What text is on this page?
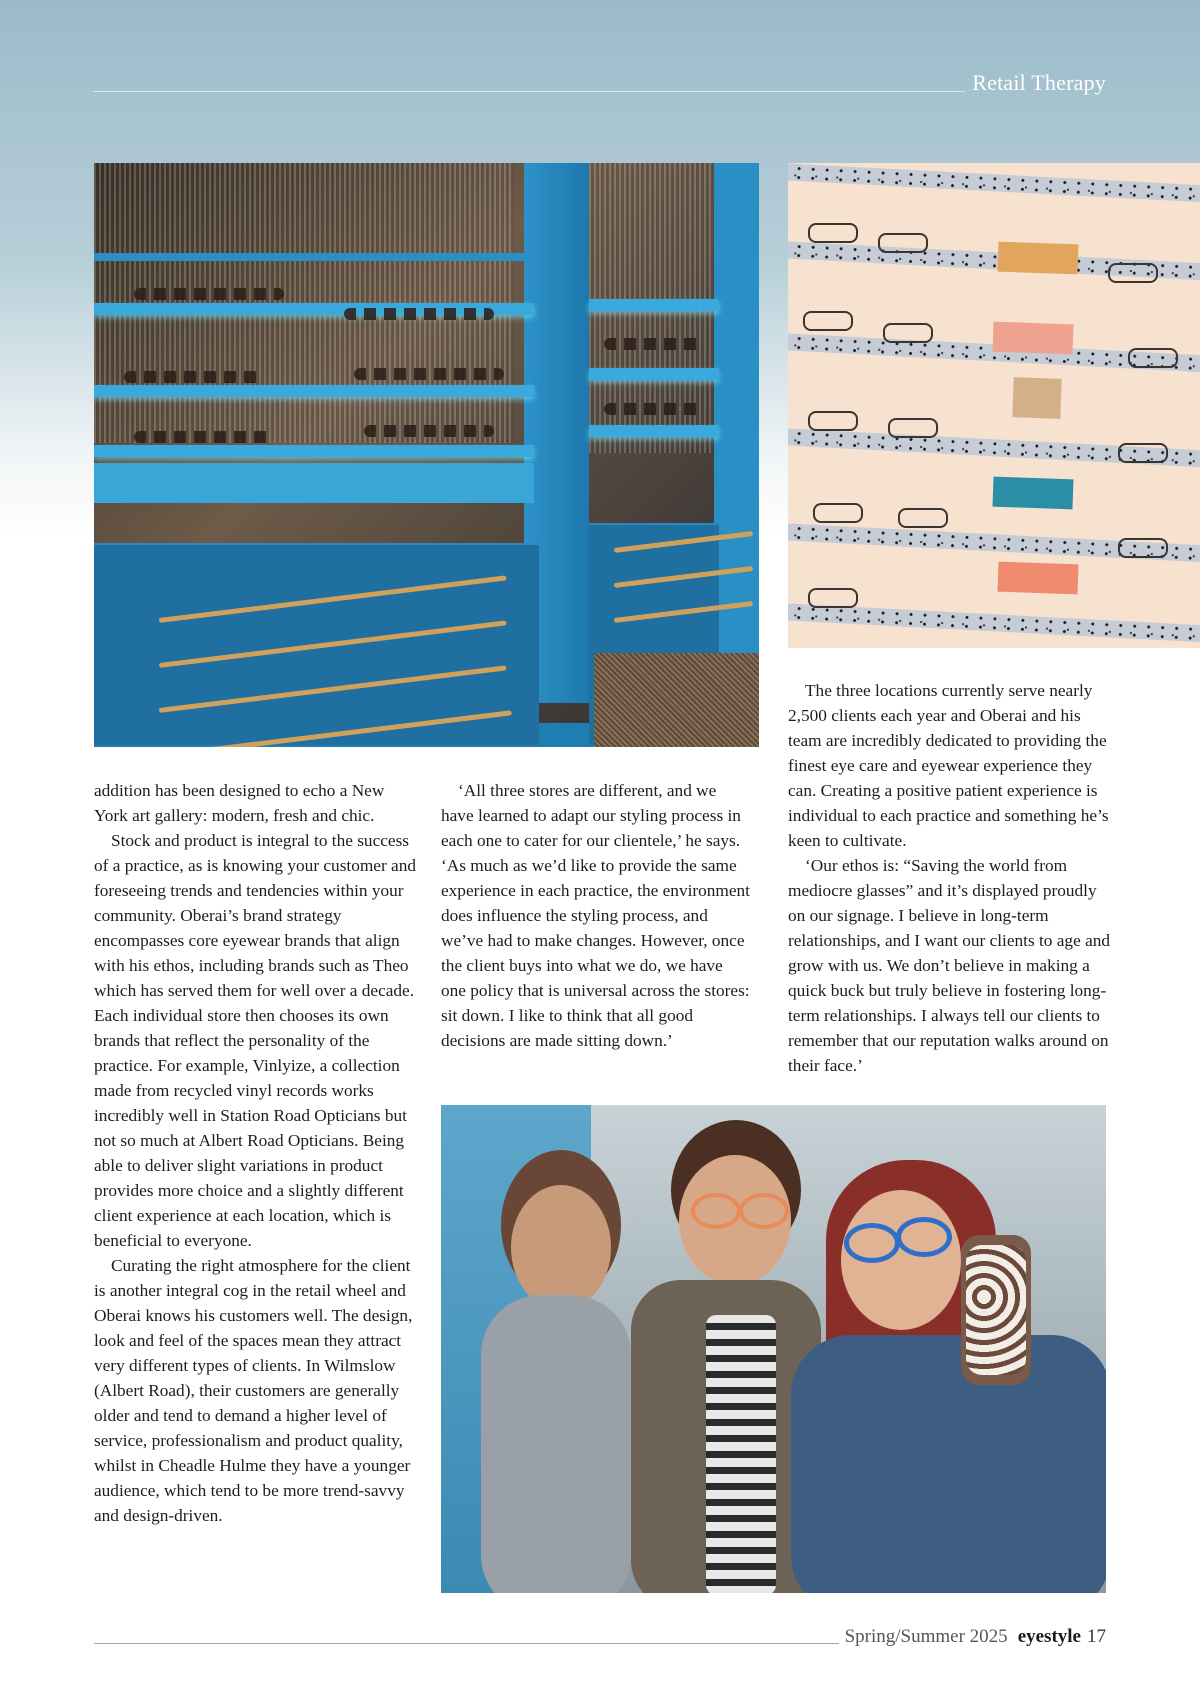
Retail Therapy

addition has been designed to echo a New York art gallery: modern, fresh and chic.

Stock and product is integral to the success of a practice, as is knowing your customer and foreseeing trends and tendencies within your community. Oberai’s brand strategy encompasses core eyewear brands that align with his ethos, including brands such as Theo which has served them for well over a decade. Each individual store then chooses its own brands that reflect the personality of the practice. For example, Vinlyize, a collection made from recycled vinyl records works incredibly well in Station Road Opticians but not so much at Albert Road Opticians. Being able to deliver slight variations in product provides more choice and a slightly different client experience at each location, which is beneficial to everyone.

Curating the right atmosphere for the client is another integral cog in the retail wheel and Oberai knows his customers well. The design, look and feel of the spaces mean they attract very different types of clients. In Wilmslow (Albert Road), their customers are generally older and tend to demand a higher level of service, professionalism and product quality, whilst in Cheadle Hulme they have a younger audience, which tend to be more trend-savvy and design-driven.

‘All three stores are different, and we have learned to adapt our styling process in each one to cater for our clientele,’ he says. ‘As much as we’d like to provide the same experience in each practice, the environment does influence the styling process, and we’ve had to make changes. However, once the client buys into what we do, we have one policy that is universal across the stores: sit down. I like to think that all good decisions are made sitting down.’

The three locations currently serve nearly 2,500 clients each year and Oberai and his team are incredibly dedicated to providing the finest eye care and eyewear experience they can. Creating a positive patient experience is individual to each practice and something he’s keen to cultivate.

‘Our ethos is: “Saving the world from mediocre glasses” and it’s displayed proudly on our signage. I believe in long-term relationships, and I want our clients to age and grow with us. We don’t believe in making a quick buck but truly believe in fostering long-term relationships. I always tell our clients to remember that our reputation walks around on their face.’

Spring/Summer 2025 eyestyle 17
